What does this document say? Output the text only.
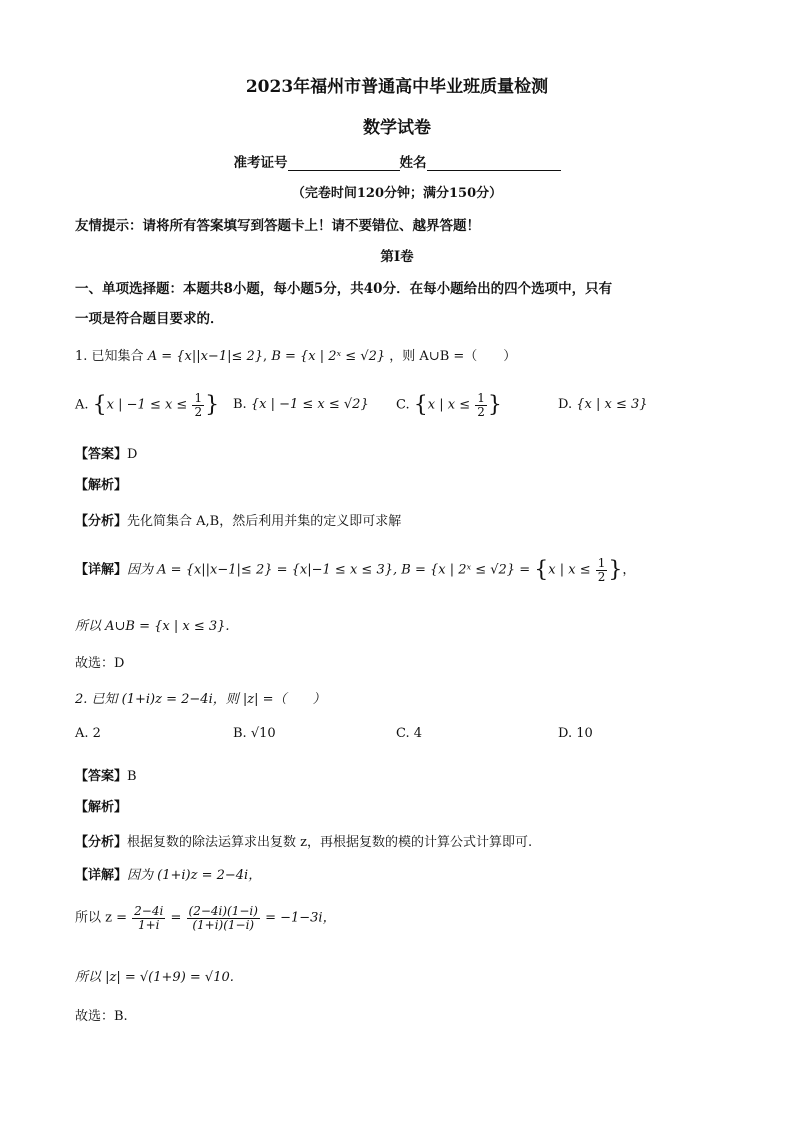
2023年福州市普通高中毕业班质量检测
数学试卷
准考证号	姓名
（完卷时间120分钟；满分150分）
友情提示：请将所有答案填写到答题卡上！请不要错位、越界答题！
第Ⅰ卷
一、单项选择题：本题共8小题，每小题5分，共40分．在每小题给出的四个选项中，只有
一项是符合题目要求的．
1. 已知集合 A = {x||x−1|≤ 2}, B = {x | 2ˣ ≤ √2} ，则 A∪B =（　　）
A. {x | $-1 \le x \le \frac{1}{2}$ } B. {x | −1 ≤ x ≤ √2} C. {x | $x \le \frac{1}{2}$ }	D. {x | x ≤ 3}
【答案】D
【解析】
【分析】先化简集合 A,B，然后利用并集的定义即可求解
【详解】因为 A = {x||x−1|≤ 2} = {x|−1 ≤ x ≤ 3}, B = {x | 2ˣ ≤ √2} = {x | $x \le \frac{1}{2}$ }，
所以 A∪B = {x | x ≤ 3}.
故选：D
2. 已知 (1+i)z = 2−4i，则 |z| =（　　）
A. 2	B. √10	C. 4	D. 10
【答案】B
【解析】
【分析】根据复数的除法运算求出复数 z，再根据复数的模的计算公式计算即可.
【详解】因为 (1+i)z = 2−4i，
所以 $z = \frac{2-4i}{1+i} = \frac{(2-4i)(1-i)}{(1+i)(1-i)} = -1-3i$，
所以 |z| = √(1+9) = √10.
故选：B.
